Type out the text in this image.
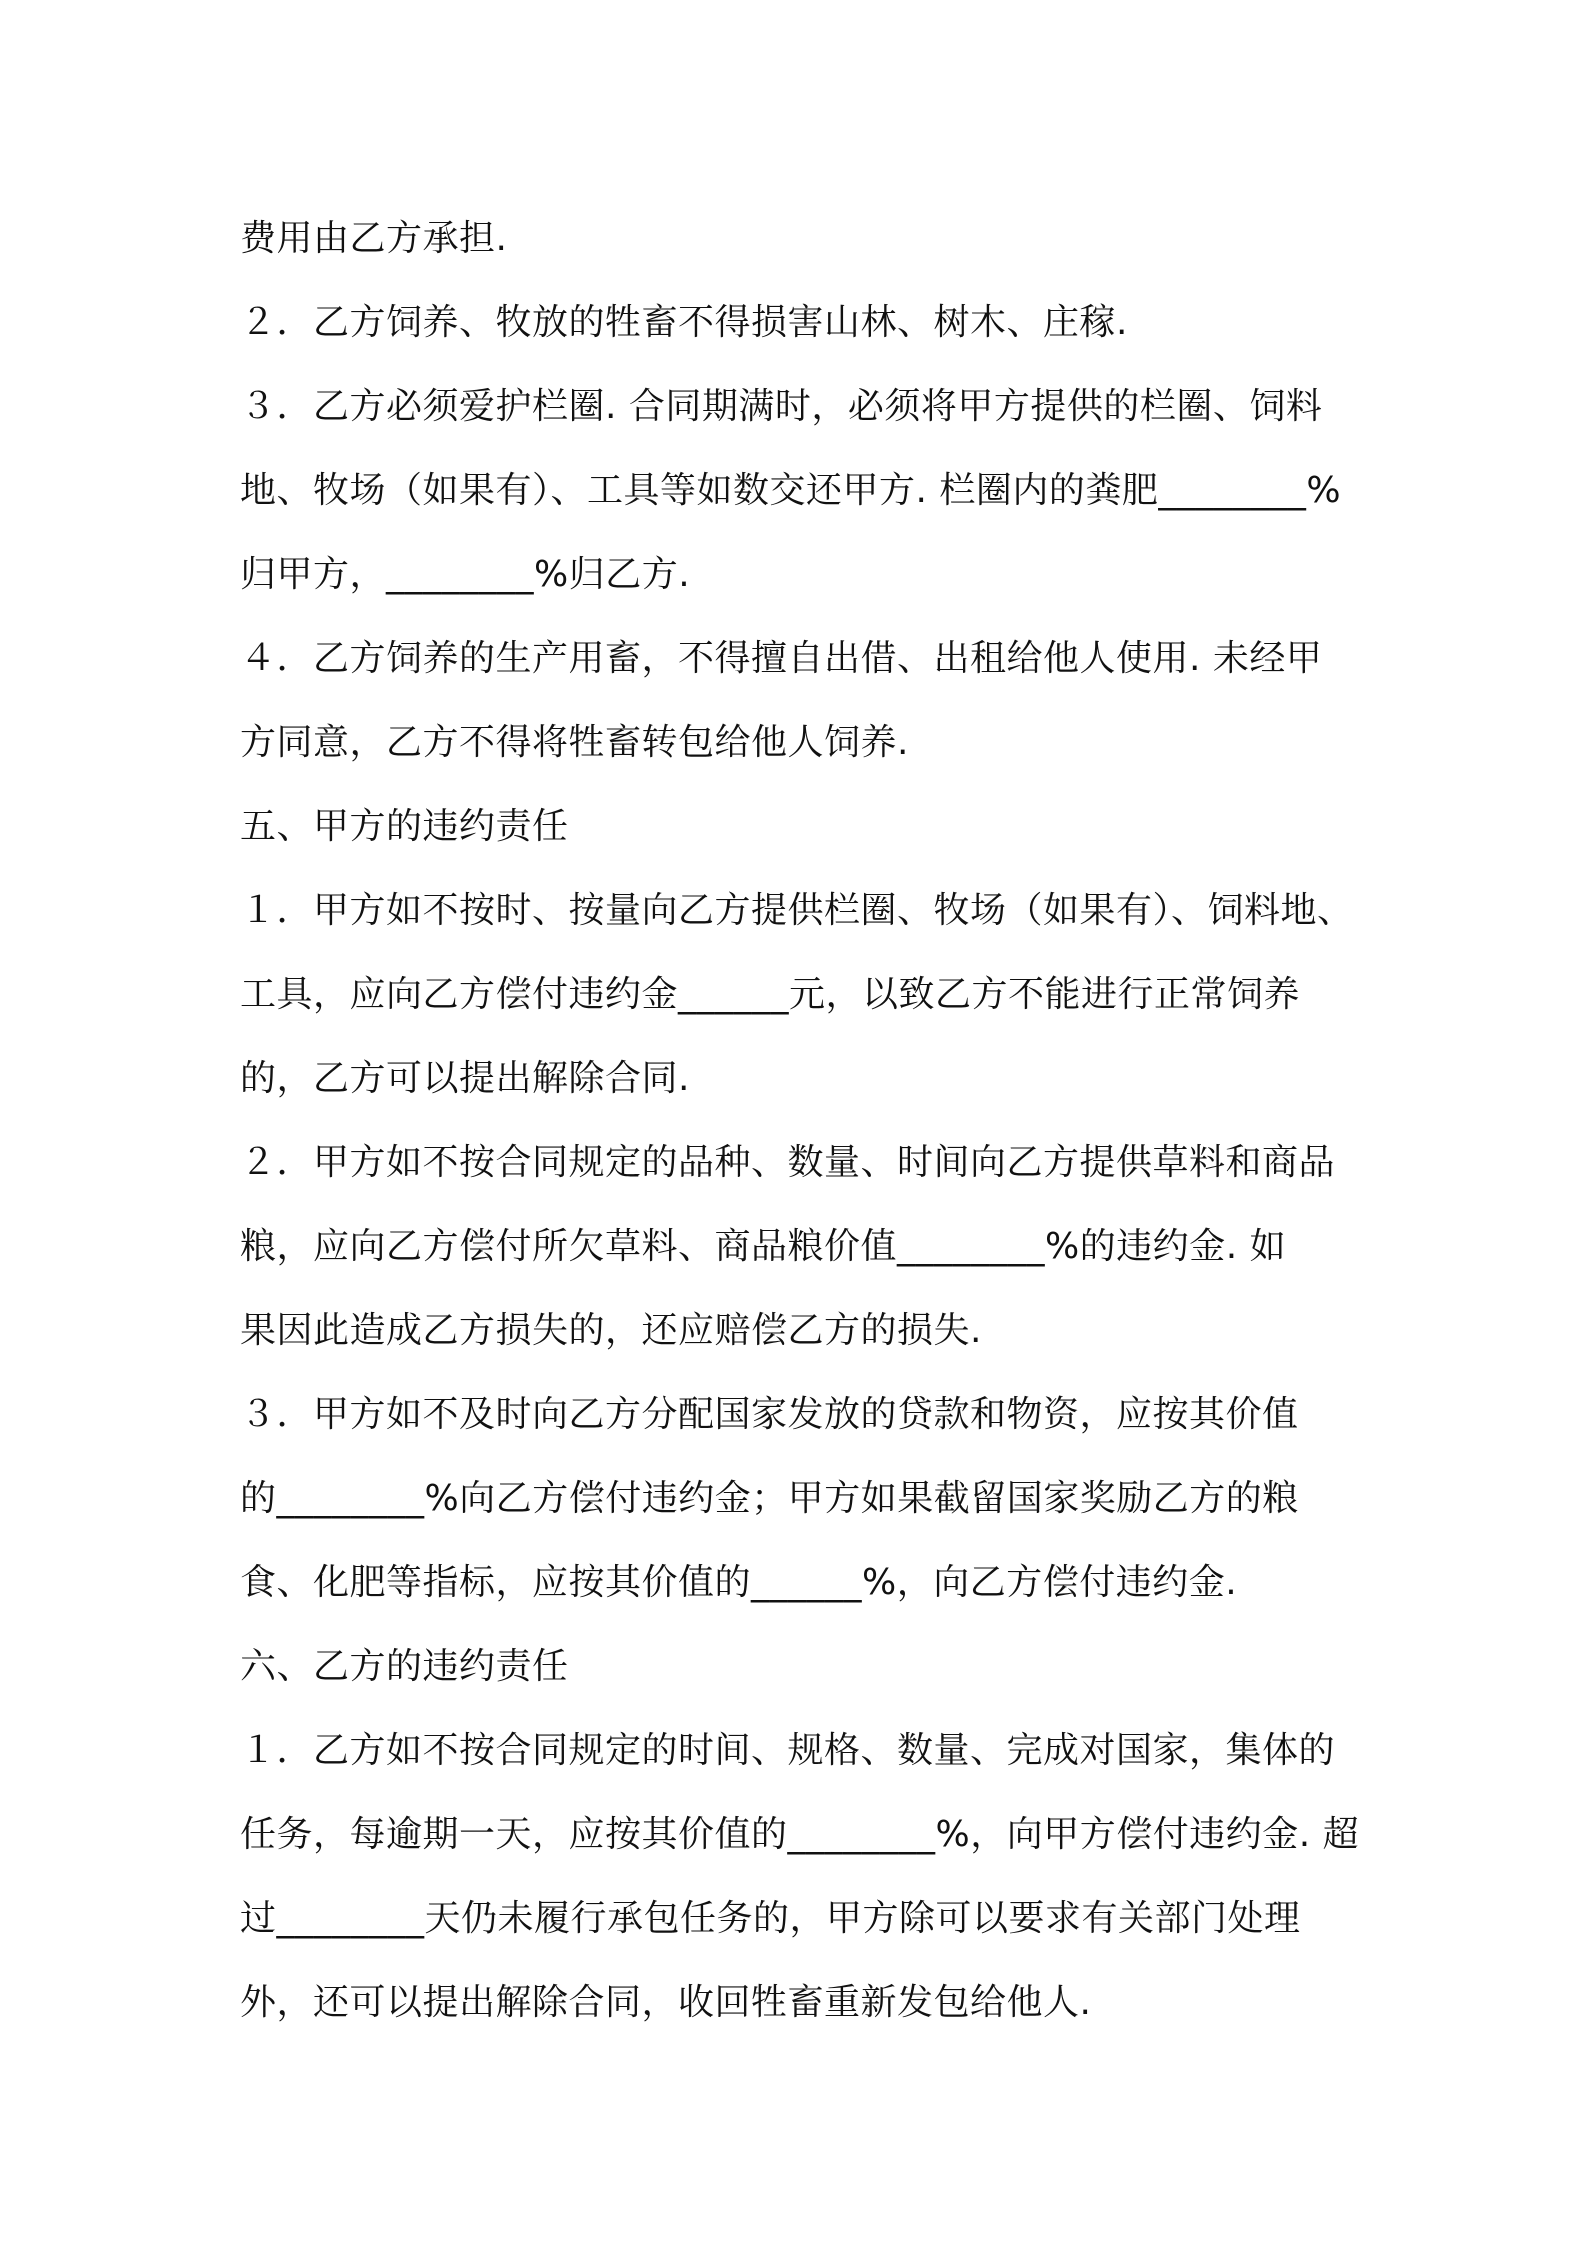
费用由乙方承担.
２．乙方饲养、牧放的牲畜不得损害山林、树木、庄稼.
３．乙方必须爱护栏圈. 合同期满时，必须将甲方提供的栏圈、饲料
地、牧场（如果有）、工具等如数交还甲方. 栏圈内的粪肥________%
归甲方，________%归乙方.
４．乙方饲养的生产用畜，不得擅自出借、出租给他人使用. 未经甲
方同意，乙方不得将牲畜转包给他人饲养.
五、甲方的违约责任
１．甲方如不按时、按量向乙方提供栏圈、牧场（如果有）、饲料地、
工具，应向乙方偿付违约金______元，以致乙方不能进行正常饲养
的，乙方可以提出解除合同.
２．甲方如不按合同规定的品种、数量、时间向乙方提供草料和商品
粮，应向乙方偿付所欠草料、商品粮价值________%的违约金. 如
果因此造成乙方损失的，还应赔偿乙方的损失.
３．甲方如不及时向乙方分配国家发放的贷款和物资，应按其价值
的________%向乙方偿付违约金；甲方如果截留国家奖励乙方的粮
食、化肥等指标，应按其价值的______%，向乙方偿付违约金.
六、乙方的违约责任
１．乙方如不按合同规定的时间、规格、数量、完成对国家，集体的
任务，每逾期一天，应按其价值的________%，向甲方偿付违约金. 超
过________天仍未履行承包任务的，甲方除可以要求有关部门处理
外，还可以提出解除合同，收回牲畜重新发包给他人.
